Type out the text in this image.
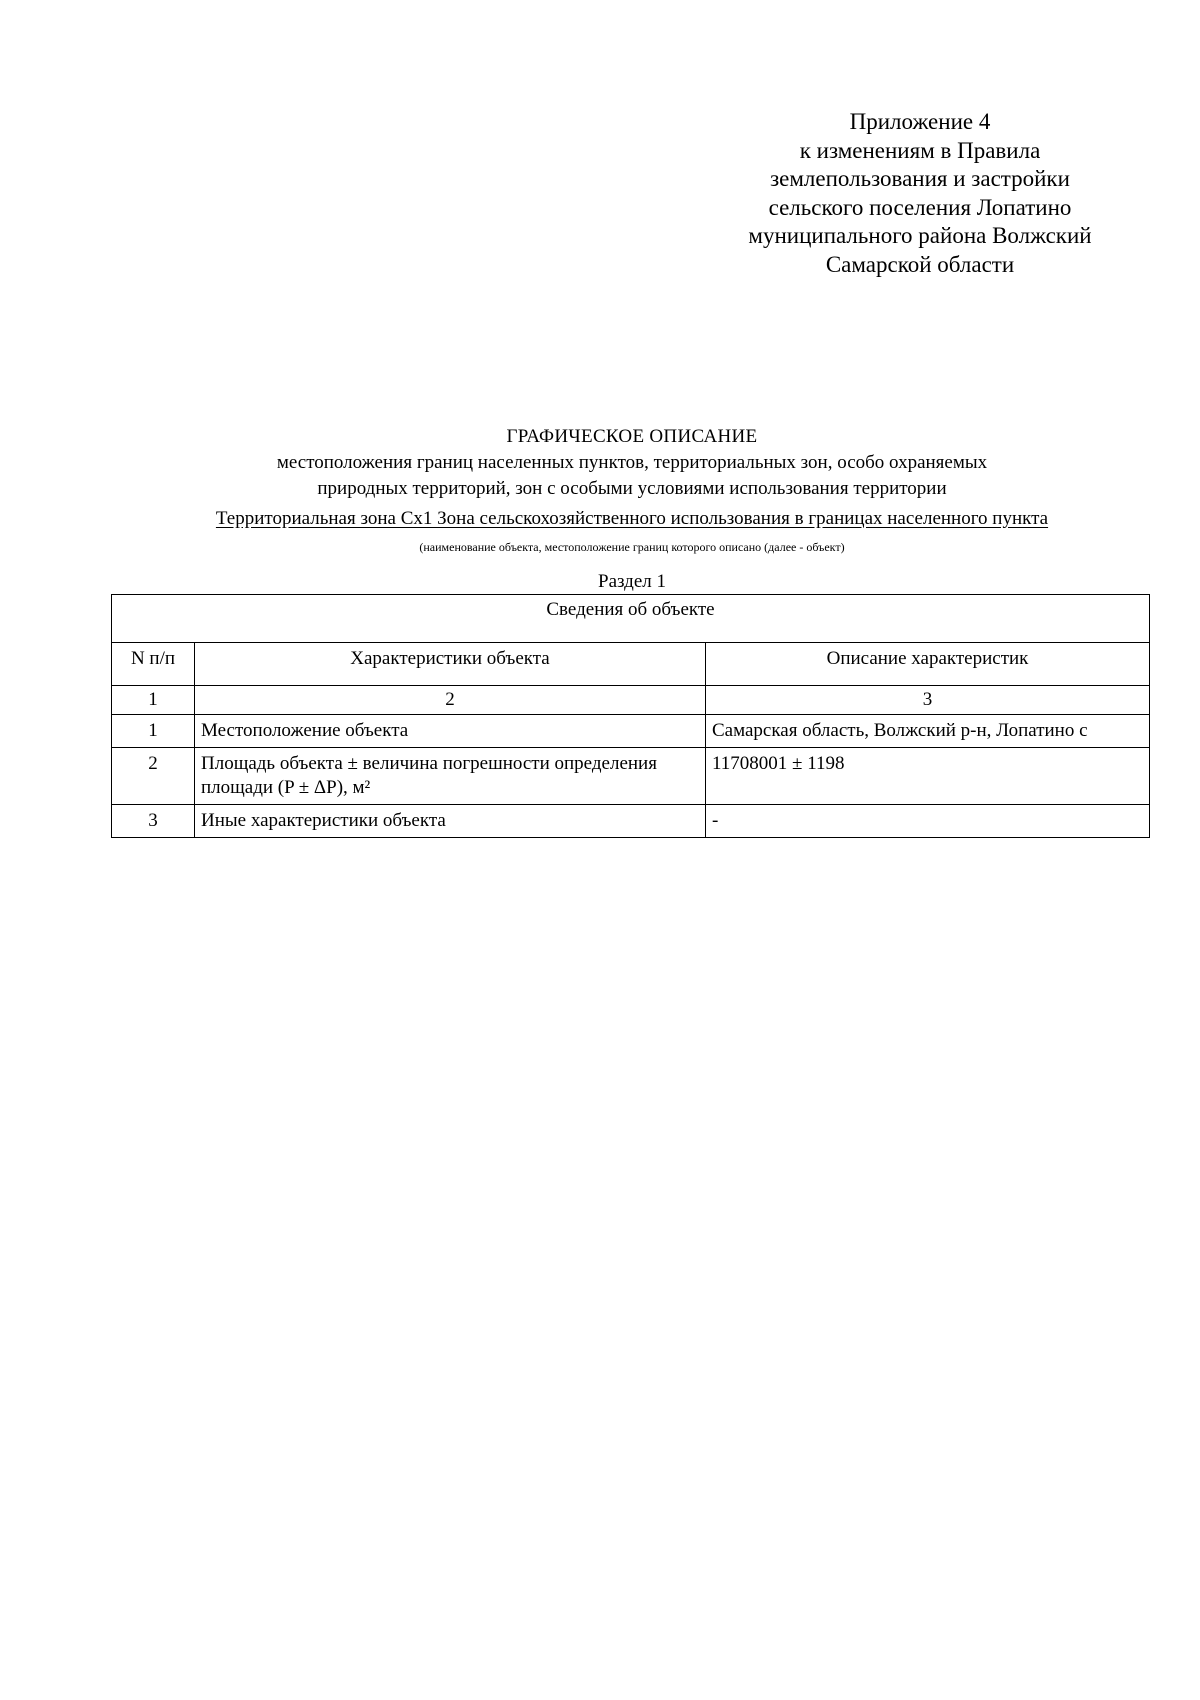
Приложение 4
к изменениям в Правила
землепользования и застройки
сельского поселения Лопатино
муниципального района Волжский
Самарской области
ГРАФИЧЕСКОЕ ОПИСАНИЕ
местоположения границ населенных пунктов, территориальных зон, особо охраняемых
природных территорий, зон с особыми условиями использования территории
Территориальная зона Сх1 Зона сельскохозяйственного использования в границах населенного пункта
(наименование объекта, местоположение границ которого описано (далее - объект)
Раздел 1
Сведения об объекте		
N п/п	Характеристики объекта	Описание характеристик
1	2	3
1	Местоположение объекта	Самарская область, Волжский р-н, Лопатино с
2	Площадь объекта ± величина погрешности определения площади (P ± ΔP), м²	11708001 ± 1198
3	Иные характеристики объекта	-
